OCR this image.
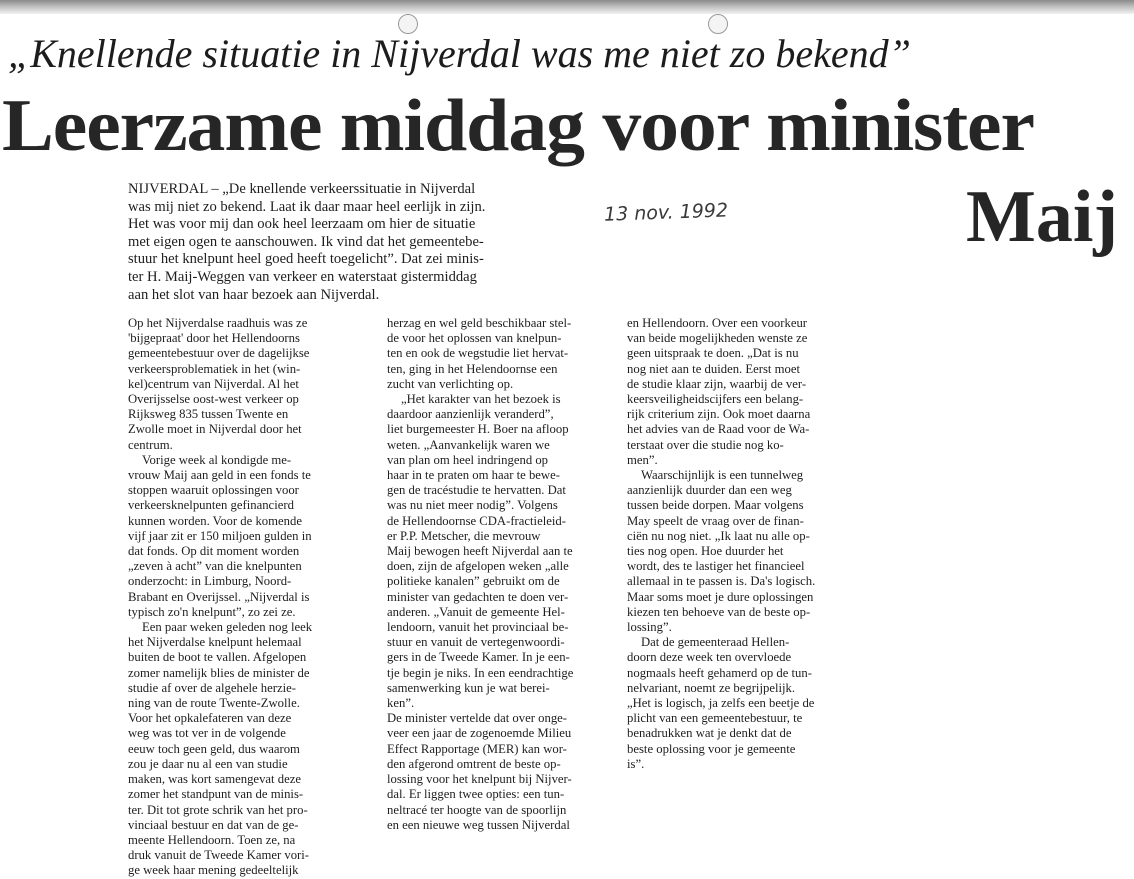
„Knellende situatie in Nijverdal was me niet zo bekend”
Leerzame middag voor minister
Maij
13 nov. 1992
NIJVERDAL – „De knellende verkeerssituatie in Nijverdal
was mij niet zo bekend. Laat ik daar maar heel eerlijk in zijn.
Het was voor mij dan ook heel leerzaam om hier de situatie
met eigen ogen te aanschouwen. Ik vind dat het gemeentebe-
stuur het knelpunt heel goed heeft toegelicht”. Dat zei minis-
ter H. Maij-Weggen van verkeer en waterstaat gistermiddag
aan het slot van haar bezoek aan Nijverdal.
Op het Nijverdalse raadhuis was ze
'bijgepraat' door het Hellendoorns
gemeentebestuur over de dagelijkse
verkeersproblematiek in het (win-
kel)centrum van Nijverdal. Al het
Overijsselse oost-west verkeer op
Rijksweg 835 tussen Twente en
Zwolle moet in Nijverdal door het
centrum.
Vorige week al kondigde me-
vrouw Maij aan geld in een fonds te
stoppen waaruit oplossingen voor
verkeersknelpunten gefinancierd
kunnen worden. Voor de komende
vijf jaar zit er 150 miljoen gulden in
dat fonds. Op dit moment worden
„zeven à acht” van die knelpunten
onderzocht: in Limburg, Noord-
Brabant en Overijssel. „Nijverdal is
typisch zo'n knelpunt”, zo zei ze.
Een paar weken geleden nog leek
het Nijverdalse knelpunt helemaal
buiten de boot te vallen. Afgelopen
zomer namelijk blies de minister de
studie af over de algehele herzie-
ning van de route Twente-Zwolle.
Voor het opkalefateren van deze
weg was tot ver in de volgende
eeuw toch geen geld, dus waarom
zou je daar nu al een van studie
maken, was kort samengevat deze
zomer het standpunt van de minis-
ter. Dit tot grote schrik van het pro-
vinciaal bestuur en dat van de ge-
meente Hellendoorn. Toen ze, na
druk vanuit de Tweede Kamer vori-
ge week haar mening gedeeltelijk
herzag en wel geld beschikbaar stel-
de voor het oplossen van knelpun-
ten en ook de wegstudie liet hervat-
ten, ging in het Helendoornse een
zucht van verlichting op.
„Het karakter van het bezoek is
daardoor aanzienlijk veranderd”,
liet burgemeester H. Boer na afloop
weten. „Aanvankelijk waren we
van plan om heel indringend op
haar in te praten om haar te bewe-
gen de tracéstudie te hervatten. Dat
was nu niet meer nodig”. Volgens
de Hellendoornse CDA-fractieleid-
er P.P. Metscher, die mevrouw
Maij bewogen heeft Nijverdal aan te
doen, zijn de afgelopen weken „alle
politieke kanalen” gebruikt om de
minister van gedachten te doen ver-
anderen. „Vanuit de gemeente Hel-
lendoorn, vanuit het provinciaal be-
stuur en vanuit de vertegenwoordi-
gers in de Tweede Kamer. In je een-
tje begin je niks. In een eendrachtige
samenwerking kun je wat berei-
ken”.
De minister vertelde dat over onge-
veer een jaar de zogenoemde Milieu
Effect Rapportage (MER) kan wor-
den afgerond omtrent de beste op-
lossing voor het knelpunt bij Nijver-
dal. Er liggen twee opties: een tun-
neltracé ter hoogte van de spoorlijn
en een nieuwe weg tussen Nijverdal
en Hellendoorn. Over een voorkeur
van beide mogelijkheden wenste ze
geen uitspraak te doen. „Dat is nu
nog niet aan te duiden. Eerst moet
de studie klaar zijn, waarbij de ver-
keersveiligheidscijfers een belang-
rijk criterium zijn. Ook moet daarna
het advies van de Raad voor de Wa-
terstaat over die studie nog ko-
men”.
Waarschijnlijk is een tunnelweg
aanzienlijk duurder dan een weg
tussen beide dorpen. Maar volgens
May speelt de vraag over de finan-
ciën nu nog niet. „Ik laat nu alle op-
ties nog open. Hoe duurder het
wordt, des te lastiger het financieel
allemaal in te passen is. Da's logisch.
Maar soms moet je dure oplossingen
kiezen ten behoeve van de beste op-
lossing”.
Dat de gemeenteraad Hellen-
doorn deze week ten overvloede
nogmaals heeft gehamerd op de tun-
nelvariant, noemt ze begrijpelijk.
„Het is logisch, ja zelfs een beetje de
plicht van een gemeentebestuur, te
benadrukken wat je denkt dat de
beste oplossing voor je gemeente
is”.
